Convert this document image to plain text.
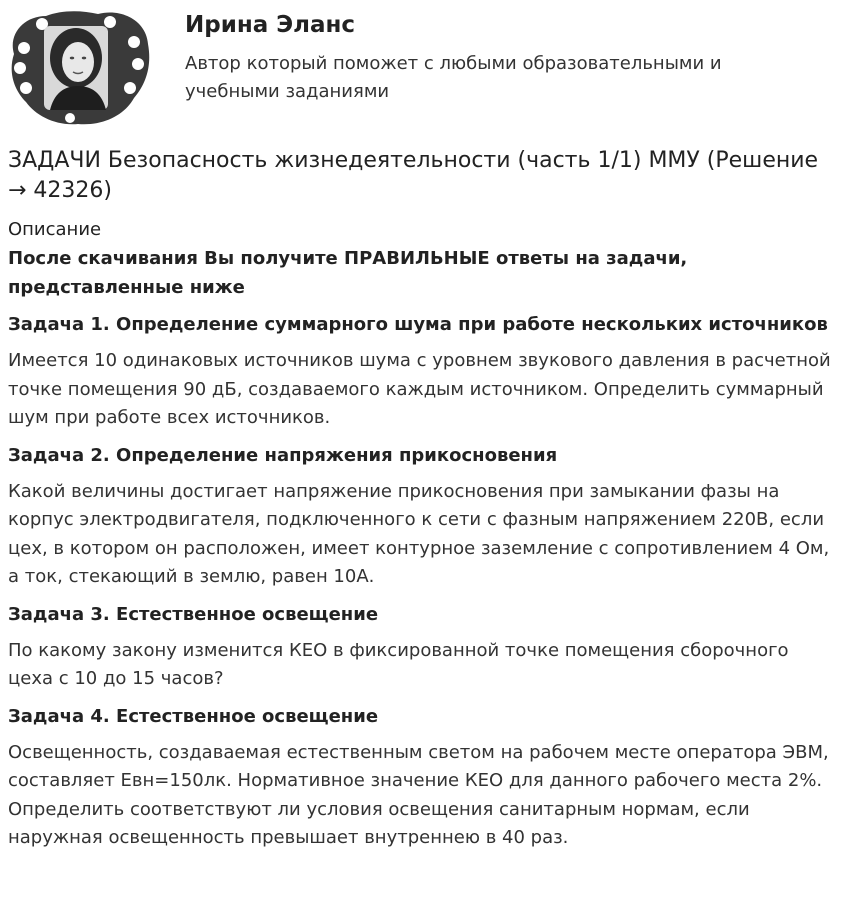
Ирина Эланс

Автор который поможет с любыми образовательными и учебными заданиями

ЗАДАЧИ Безопасность жизнедеятельности (часть 1/1) ММУ (Решение → 42326)

Описание

После скачивания Вы получите ПРАВИЛЬНЫЕ ответы на задачи, представленные ниже

Задача 1. Определение суммарного шума при работе нескольких источников

Имеется 10 одинаковых источников шума с уровнем звукового давления в расчетной точке помещения 90 дБ, создаваемого каждым источником. Определить суммарный шум при работе всех источников.

Задача 2. Определение напряжения прикосновения

Какой величины достигает напряжение прикосновения при замыкании фазы на корпус электродвигателя, подключенного к сети с фазным напряжением 220В, если цех, в котором он расположен, имеет контурное заземление с сопротивлением 4 Ом, а ток, стекающий в землю, равен 10А.

Задача 3. Естественное освещение

По какому закону изменится КЕО в фиксированной точке помещения сборочного цеха с 10 до 15 часов?

Задача 4. Естественное освещение

Освещенность, создаваемая естественным светом на рабочем месте оператора ЭВМ, составляет Евн=150лк. Нормативное значение КЕО для данного рабочего места 2%. Определить соответствуют ли условия освещения санитарным нормам, если наружная освещенность превышает внутреннею в 40 раз.
